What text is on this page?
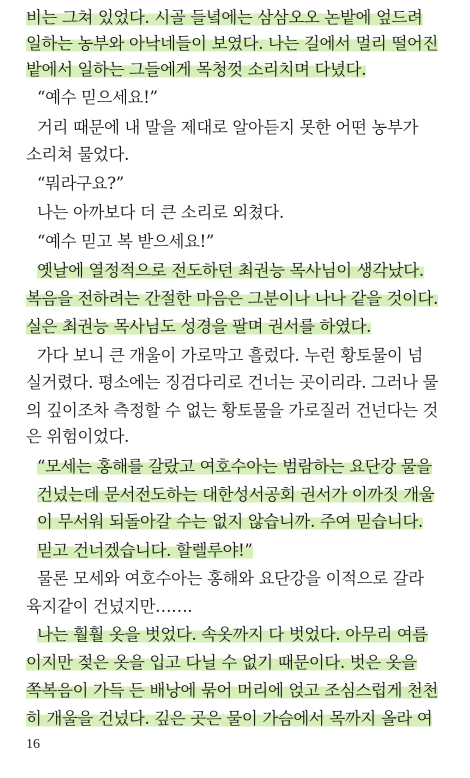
비는 그쳐 있었다. 시골 들녘에는 삼삼오오 논밭에 엎드려
일하는 농부와 아낙네들이 보였다. 나는 길에서 멀리 떨어진
밭에서 일하는 그들에게 목청껏 소리치며 다녔다.
“예수 믿으세요!”
거리 때문에 내 말을 제대로 알아듣지 못한 어떤 농부가
소리쳐 물었다.
“뭐라구요?”
나는 아까보다 더 큰 소리로 외쳤다.
“예수 믿고 복 받으세요!”
옛날에 열정적으로 전도하던 최권능 목사님이 생각났다.
복음을 전하려는 간절한 마음은 그분이나 나나 같을 것이다.
실은 최권능 목사님도 성경을 팔며 권서를 하였다.
가다 보니 큰 개울이 가로막고 흘렀다. 누런 황토물이 넘
실거렸다. 평소에는 징검다리로 건너는 곳이리라. 그러나 물
의 깊이조차 측정할 수 없는 황토물을 가로질러 건넌다는 것
은 위험이었다.
“모세는 홍해를 갈랐고 여호수아는 범람하는 요단강 물을
건넜는데 문서전도하는 대한성서공회 권서가 이까짓 개울
이 무서워 되돌아갈 수는 없지 않습니까. 주여 믿습니다.
믿고 건너겠습니다. 할렐루야!”
물론 모세와 여호수아는 홍해와 요단강을 이적으로 갈라
육지같이 건넜지만…….
나는 훨훨 옷을 벗었다. 속옷까지 다 벗었다. 아무리 여름
이지만 젖은 옷을 입고 다닐 수 없기 때문이다. 벗은 옷을
쪽복음이 가득 든 배낭에 묶어 머리에 얹고 조심스럽게 천천
히 개울을 건넜다. 깊은 곳은 물이 가슴에서 목까지 올라 여
16
